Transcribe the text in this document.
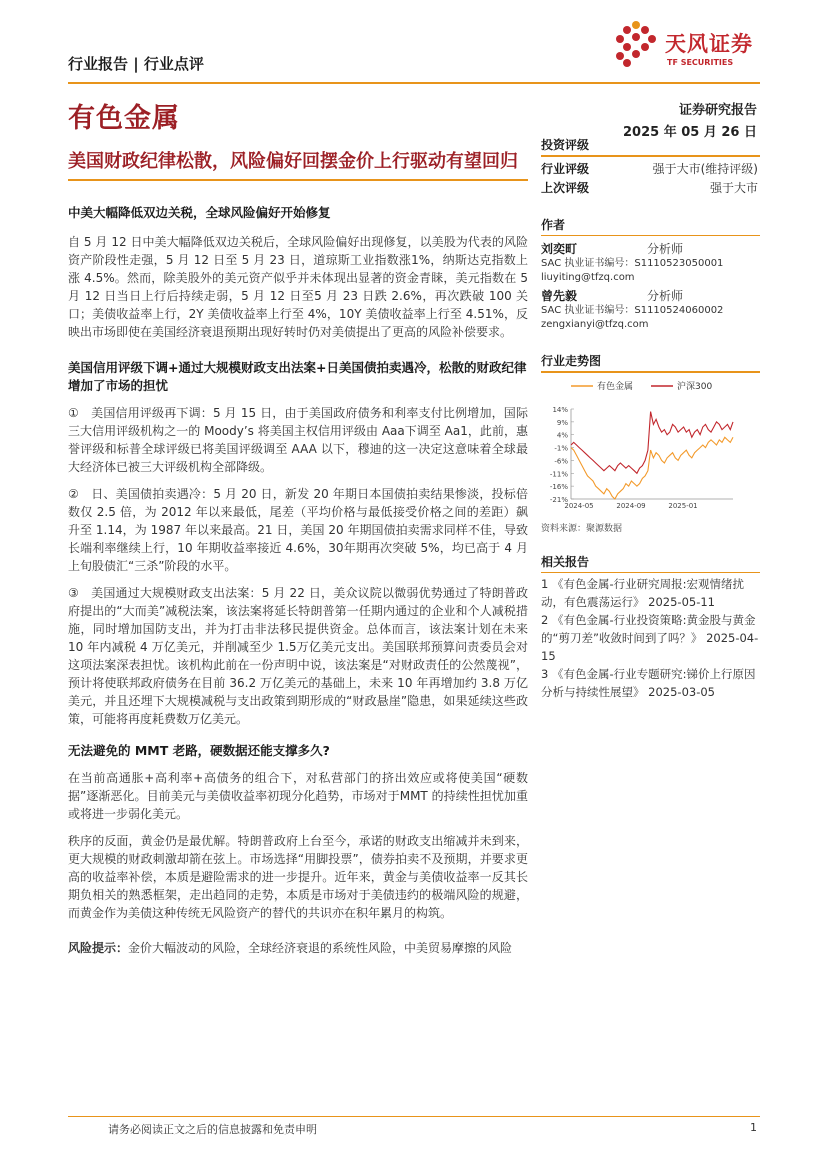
天风证券
TF SECURITIES
行业报告 | 行业点评
有色金属	证券研究报告
2025 年 05 月 26 日
美国财政纪律松散，风险偏好回摆金价上行驱动有望回归
中美大幅降低双边关税，全球风险偏好开始修复
自 5 月 12 日中美大幅降低双边关税后，全球风险偏好出现修复，以美股为代表的风险资产阶段性走强，5 月 12 日至 5 月 23 日，道琼斯工业指数涨1%，纳斯达克指数上涨 4.5%。然而，除美股外的美元资产似乎并未体现出显著的资金青睐，美元指数在 5 月 12 日当日上行后持续走弱，5 月 12 日至5 月 23 日跌 2.6%，再次跌破 100 关口；美债收益率上行，2Y 美债收益率上行至 4%，10Y 美债收益率上行至 4.51%，反映出市场即使在美国经济衰退预期出现好转时仍对美债提出了更高的风险补偿要求。
美国信用评级下调+通过大规模财政支出法案+日美国债拍卖遇冷，松散的财政纪律增加了市场的担忧
①　美国信用评级再下调：5 月 15 日，由于美国政府债务和利率支付比例增加，国际三大信用评级机构之一的 Moody’s 将美国主权信用评级由 Aaa下调至 Aa1，此前，惠誉评级和标普全球评级已将美国评级调至 AAA 以下，穆迪的这一决定这意味着全球最大经济体已被三大评级机构全部降级。
②　日、美国债拍卖遇冷：5 月 20 日，新发 20 年期日本国债拍卖结果惨淡，投标倍数仅 2.5 倍，为 2012 年以来最低，尾差（平均价格与最低接受价格之间的差距）飙升至 1.14，为 1987 年以来最高。21 日，美国 20 年期国债拍卖需求同样不佳，导致长端利率继续上行，10 年期收益率接近 4.6%，30年期再次突破 5%，均已高于 4 月上旬股债汇“三杀”阶段的水平。
③　美国通过大规模财政支出法案：5 月 22 日，美众议院以微弱优势通过了特朗普政府提出的“大而美”减税法案，该法案将延长特朗普第一任期内通过的企业和个人减税措施，同时增加国防支出，并为打击非法移民提供资金。总体而言，该法案计划在未来 10 年内减税 4 万亿美元，并削减至少 1.5万亿美元支出。美国联邦预算问责委员会对这项法案深表担忧。该机构此前在一份声明中说，该法案是“对财政责任的公然蔑视”，预计将使联邦政府债务在目前 36.2 万亿美元的基础上，未来 10 年再增加约 3.8 万亿美元，并且还埋下大规模减税与支出政策到期形成的“财政悬崖”隐患，如果延续这些政策，可能将再度耗费数万亿美元。
无法避免的 MMT 老路，硬数据还能支撑多久?
在当前高通胀+高利率+高债务的组合下，对私营部门的挤出效应或将使美国“硬数据”逐渐恶化。目前美元与美债收益率初现分化趋势，市场对于MMT 的持续性担忧加重或将进一步弱化美元。
秩序的反面，黄金仍是最优解。特朗普政府上台至今，承诺的财政支出缩减并未到来，更大规模的财政刺激却箭在弦上。市场选择“用脚投票”，债券拍卖不及预期，并要求更高的收益率补偿，本质是避险需求的进一步提升。近年来，黄金与美债收益率一反其长期负相关的熟悉框架，走出趋同的走势，本质是市场对于美债违约的极端风险的规避，而黄金作为美债这种传统无风险资产的替代的共识亦在积年累月的构筑。
风险提示：金价大幅波动的风险，全球经济衰退的系统性风险，中美贸易摩擦的风险
投资评级
行业评级	强于大市(维持评级)
上次评级	强于大市
作者
刘奕町	分析师
SAC 执业证书编号：S1110523050001
liuyiting@tfzq.com
曾先毅	分析师
SAC 执业证书编号：S1110524060002
zengxianyi@tfzq.com
行业走势图
有色金属	沪深300
14%
9%
4%
-1%
-6%
-11%
-16%
-21%
2024-05	2024-09	2025-01
资料来源：聚源数据
相关报告
1 《有色金属-行业研究周报:宏观情绪扰动，有色震荡运行》 2025-05-11
2 《有色金属-行业投资策略:黄金股与黄金的“剪刀差”收敛时间到了吗？》 2025-04-15
3 《有色金属-行业专题研究:锑价上行原因分析与持续性展望》 2025-03-05
请务必阅读正文之后的信息披露和免责申明	1
